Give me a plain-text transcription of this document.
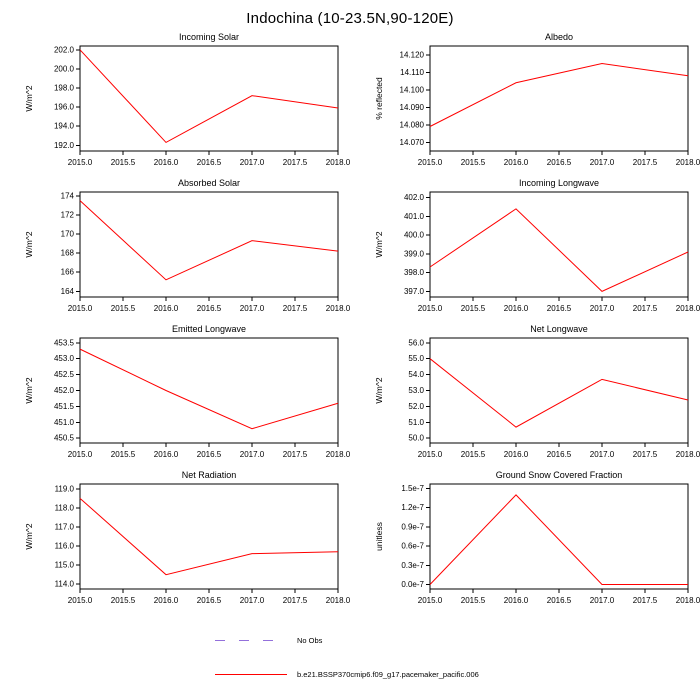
Indochina (10-23.5N,90-120E)
Incoming Solar
192.0
194.0
196.0
198.0
200.0
202.0
2015.0 2015.5 2016.0 2016.5 2017.0 2017.5 2018.0
W/m^2
Albedo
14.070
14.080
14.090
14.100
14.110
14.120
2015.0 2015.5 2016.0 2016.5 2017.0 2017.5 2018.0
% reflected
Absorbed Solar
164
166
168
170
172
174
2015.0 2015.5 2016.0 2016.5 2017.0 2017.5 2018.0
W/m^2
Incoming Longwave
397.0
398.0
399.0
400.0
401.0
402.0
2015.0 2015.5 2016.0 2016.5 2017.0 2017.5 2018.0
W/m^2
Emitted Longwave
450.5
451.0
451.5
452.0
452.5
453.0
453.5
2015.0 2015.5 2016.0 2016.5 2017.0 2017.5 2018.0
W/m^2
Net Longwave
50.0
51.0
52.0
53.0
54.0
55.0
56.0
2015.0 2015.5 2016.0 2016.5 2017.0 2017.5 2018.0
W/m^2
Net Radiation
114.0
115.0
116.0
117.0
118.0
119.0
2015.0 2015.5 2016.0 2016.5 2017.0 2017.5 2018.0
W/m^2
Ground Snow Covered Fraction
0.0e-7
0.3e-7
0.6e-7
0.9e-7
1.2e-7
1.5e-7
2015.0 2015.5 2016.0 2016.5 2017.0 2017.5 2018.0
unitless
No Obs
b.e21.BSSP370cmip6.f09_g17.pacemaker_pacific.006
